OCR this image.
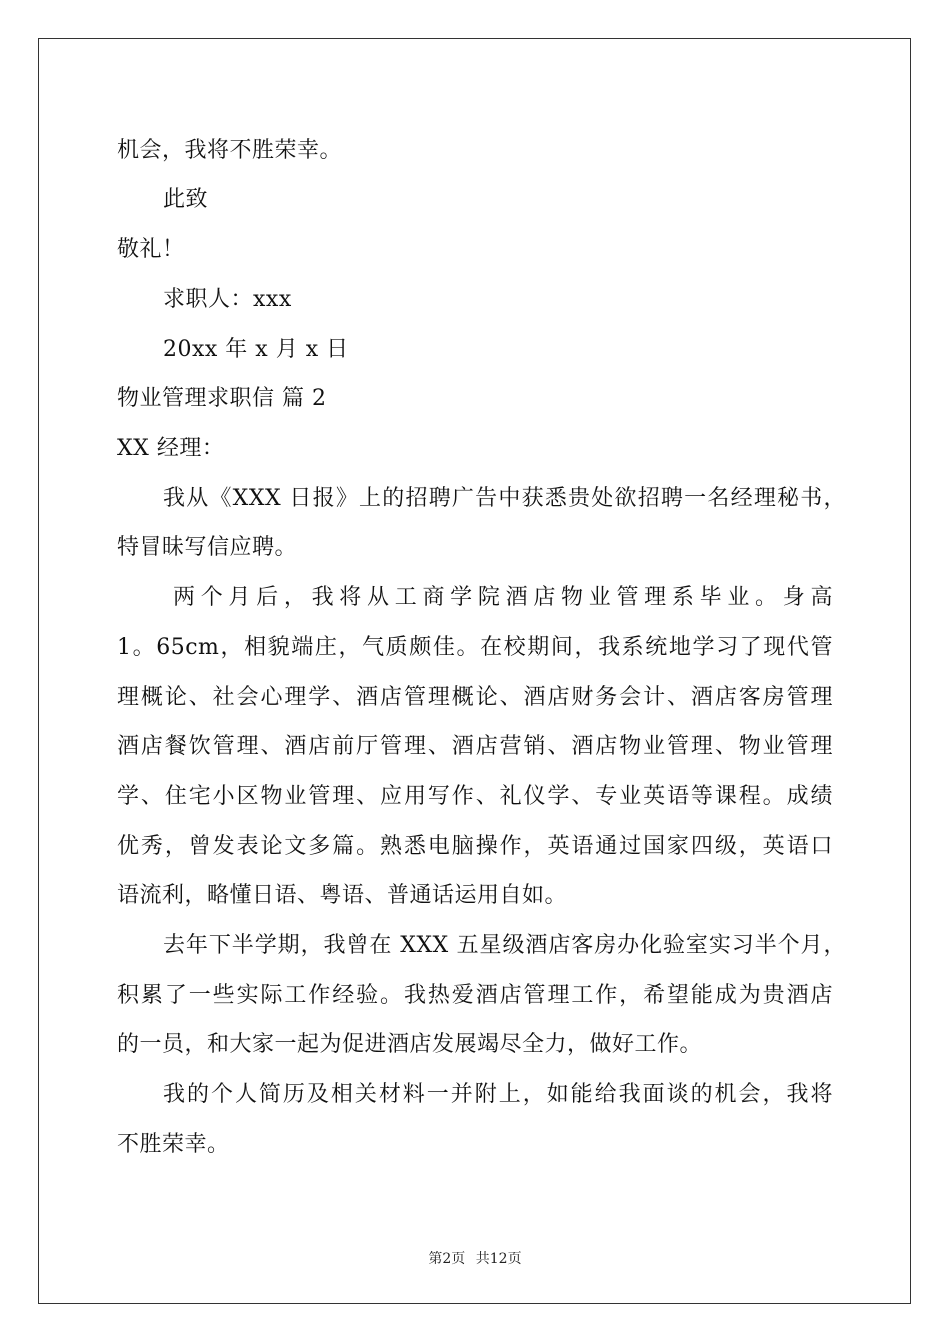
机会，我将不胜荣幸。
此致
敬礼！
求职人：xxx
20xx 年 x 月 x 日
物业管理求职信 篇 2
XX 经理：
我从《XXX 日报》上的招聘广告中获悉贵处欲招聘一名经理秘书，
特冒昧写信应聘。
两个月后，我将从工商学院酒店物业管理系毕业。身高
1。65cm，相貌端庄，气质颇佳。在校期间，我系统地学习了现代管
理概论、社会心理学、酒店管理概论、酒店财务会计、酒店客房管理
酒店餐饮管理、酒店前厅管理、酒店营销、酒店物业管理、物业管理
学、住宅小区物业管理、应用写作、礼仪学、专业英语等课程。成绩
优秀，曾发表论文多篇。熟悉电脑操作，英语通过国家四级，英语口
语流利，略懂日语、粤语、普通话运用自如。
去年下半学期，我曾在 XXX 五星级酒店客房办化验室实习半个月，
积累了一些实际工作经验。我热爱酒店管理工作，希望能成为贵酒店
的一员，和大家一起为促进酒店发展竭尽全力，做好工作。
我的个人简历及相关材料一并附上，如能给我面谈的机会，我将
不胜荣幸。
第2页 共12页
